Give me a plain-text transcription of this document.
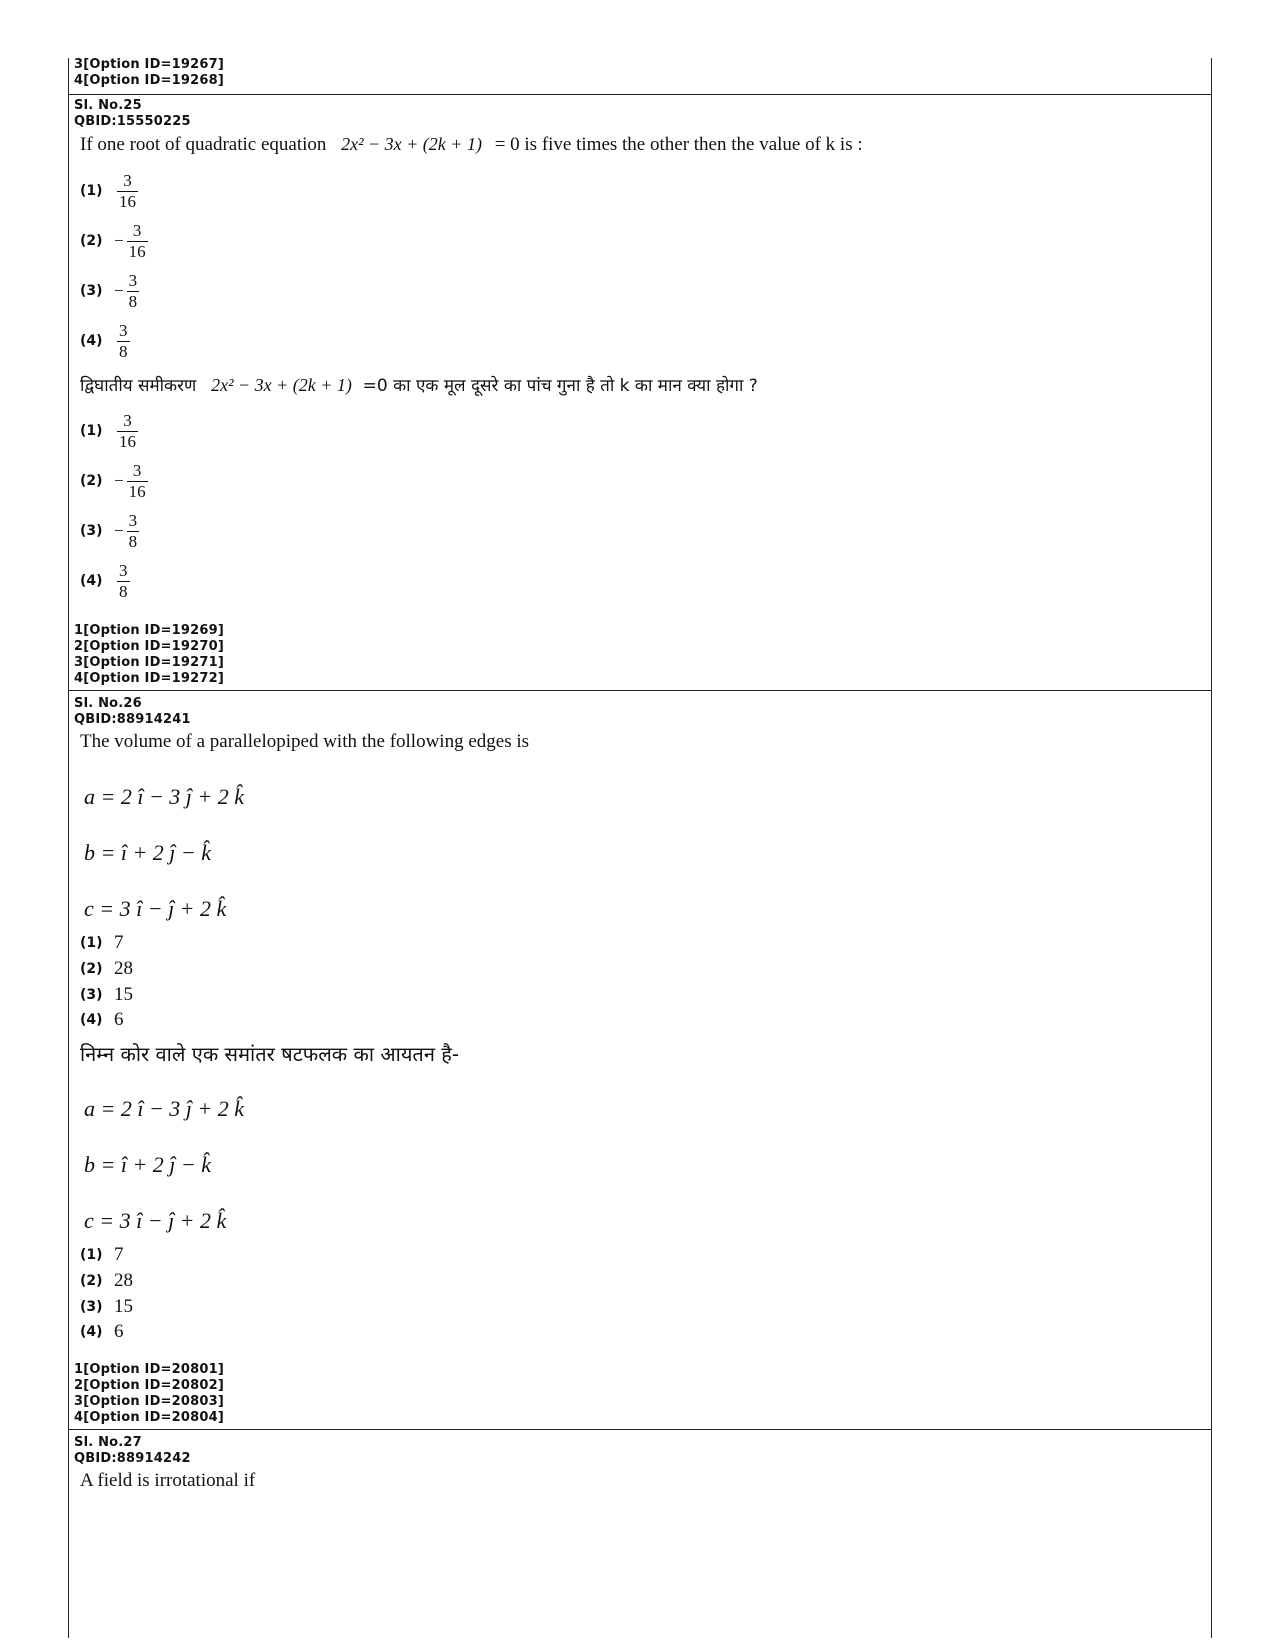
3[Option ID=19267]
4[Option ID=19268]
Sl. No.25
QBID:15550225
If one root of quadratic equation 2x² − 3x + (2k + 1) = 0 is five times the other then the value of k is :
$(1) \frac{3}{16}$
$(2) - \frac{3}{16}$
$(3) - \frac{3}{8}$
$(4) \frac{3}{8}$
द्विघातीय समीकरण 2x² − 3x + (2k + 1) =0 का एक मूल दूसरे का पांच गुना है तो k का मान क्या होगा ?
$(1) \frac{3}{16}$
$(2) - \frac{3}{16}$
$(3) - \frac{3}{8}$
$(4) \frac{3}{8}$
1[Option ID=19269]
2[Option ID=19270]
3[Option ID=19271]
4[Option ID=19272]
Sl. No.26
QBID:88914241
The volume of a parallelopiped with the following edges is
a = 2 î − 3 ĵ + 2 k̂
b = î + 2 ĵ − k̂
c = 3 î − ĵ + 2 k̂
(1) 7
(2) 28
(3) 15
(4) 6
निम्न कोर वाले एक समांतर षटफलक का आयतन है-
a = 2 î − 3 ĵ + 2 k̂
b = î + 2 ĵ − k̂
c = 3 î − ĵ + 2 k̂
(1) 7
(2) 28
(3) 15
(4) 6
1[Option ID=20801]
2[Option ID=20802]
3[Option ID=20803]
4[Option ID=20804]
Sl. No.27
QBID:88914242
A field is irrotational if
